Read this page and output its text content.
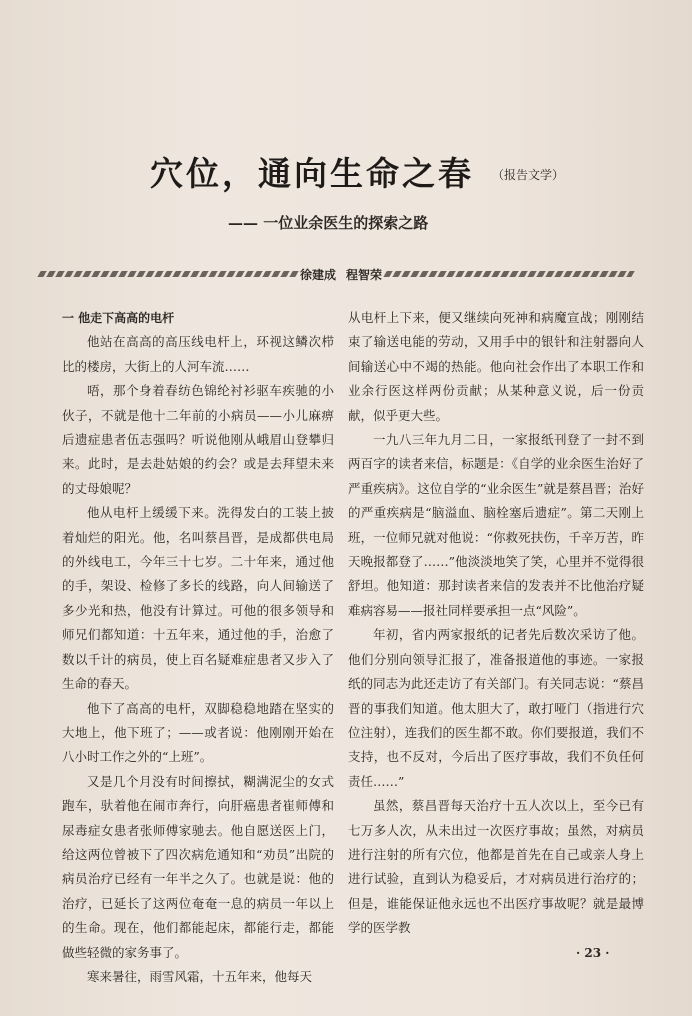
穴位，通向生命之春 （报告文学）
—— 一位业余医生的探索之路
徐建成 程智荣

一 他走下高高的电杆

他站在高高的高压线电杆上，环视这鳞次栉比的楼房，大街上的人河车流……

唔，那个身着春纺色锦纶衬衫驱车疾驰的小伙子，不就是他十二年前的小病员——小儿麻痹后遗症患者伍志强吗？听说他刚从峨眉山登攀归来。此时，是去赴姑娘的约会？或是去拜望未来的丈母娘呢？

他从电杆上缓缓下来。洗得发白的工装上披着灿烂的阳光。他，名叫蔡昌晋，是成都供电局的外线电工，今年三十七岁。二十年来，通过他的手，架设、检修了多长的线路，向人间输送了多少光和热，他没有计算过。可他的很多领导和师兄们都知道：十五年来，通过他的手，治愈了数以千计的病员，使上百名疑难症患者又步入了生命的春天。

他下了高高的电杆，双脚稳稳地踏在坚实的大地上，他下班了；——或者说：他刚刚开始在八小时工作之外的“上班”。

又是几个月没有时间擦拭，糊满泥尘的女式跑车，驮着他在闹市奔行，向肝癌患者崔师傅和尿毒症女患者张师傅家驰去。他自愿送医上门，给这两位曾被下了四次病危通知和“劝员”出院的病员治疗已经有一年半之久了。也就是说：他的治疗，已延长了这两位奄奄一息的病员一年以上的生命。现在，他们都能起床，都能行走，都能做些轻微的家务事了。

寒来暑往，雨雪风霜，十五年来，他每天

从电杆上下来，便又继续向死神和病魔宣战；刚刚结束了输送电能的劳动，又用手中的银针和注射器向人间输送心中不竭的热能。他向社会作出了本职工作和业余行医这样两份贡献；从某种意义说，后一份贡献，似乎更大些。

一九八三年九月二日，一家报纸刊登了一封不到两百字的读者来信，标题是：《自学的业余医生治好了严重疾病》。这位自学的“业余医生”就是蔡昌晋；治好的严重疾病是“脑溢血、脑栓塞后遗症”。第二天刚上班，一位师兄就对他说：“你救死扶伤，千辛万苦，昨天晚报都登了……”他淡淡地笑了笑，心里并不觉得很舒坦。他知道：那封读者来信的发表并不比他治疗疑难病容易——报社同样要承担一点“风险”。

年初，省内两家报纸的记者先后数次采访了他。他们分别向领导汇报了，准备报道他的事迹。一家报纸的同志为此还走访了有关部门。有关同志说：“蔡昌晋的事我们知道。他太胆大了，敢打哑门（指进行穴位注射），连我们的医生都不敢。你们要报道，我们不支持，也不反对，今后出了医疗事故，我们不负任何责任……”

虽然，蔡昌晋每天治疗十五人次以上，至今已有七万多人次，从未出过一次医疗事故；虽然，对病员进行注射的所有穴位，他都是首先在自己或亲人身上进行试验，直到认为稳妥后，才对病员进行治疗的；但是，谁能保证他永远也不出医疗事故呢？就是最博学的医学教

· 23 ·
